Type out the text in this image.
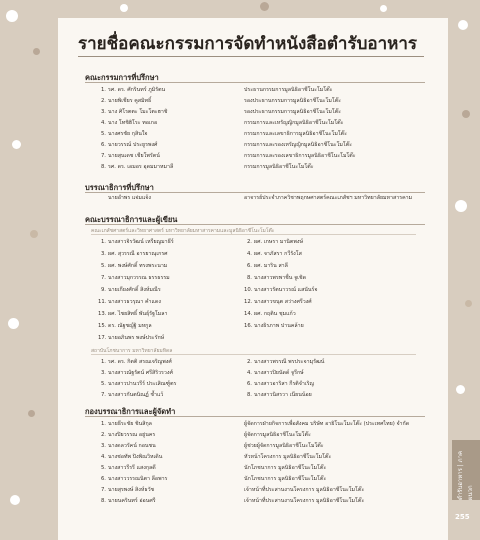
รายชื่อคณะกรรมการจัดทำหนังสือตำรับอาหาร
คณะกรรมการที่ปรึกษา
1. รศ. ดร. ศักรินทร์ ภูมิรัตน	ประธานกรรมการมูลนิธิอาชีโนะโมโต๊ะ
2. นายพิเชียร คูสมิทธิ์	รองประธานกรรมการมูลนิธิอาชีโนะโมโต๊ะ
3. นาง ศิโรตตะ โมะโตะฮาชิ	รองประธานกรรมการมูลนิธิอาชีโนะโมโต๊ะ
4. นาง โทชิฮิโระ ทอเกอ	กรรมการและเหรัญญิกมูลนิธิอาชีโนะโมโต๊ะ
5. นางศรชัย กุสินใจ	กรรมการและเลขาธิการมูลนิธิอาชีโนะโมโต๊ะ
6. นายวรรณ์ ประยูรพงศ์	กรรมการและรองเหรัญญิกมูลนิธิอาชีโนะโมโต๊ะ
7. นายสุนเดช เชียโพรัตน์	กรรมการและรองเลขาธิการมูลนิธิอาชีโนะโมโต๊ะ
8. รศ. ดร. เอมอร อุดมมาหมาลี	กรรมการมูลนิธิอาชีโนะโมโต๊ะ
บรรณาธิการที่ปรึกษา
นายอำพร แจ่มแจ้ง	อาจารย์ประจำภาควิชาพฤกษศาสตร์คณะเภสัชฯ มหาวิทยาลัยมหาสารคาม
คณะบรรณาธิการและผู้เขียน
คณะเภสัชศาสตร์และวิทยาศาสตร์ มหาวิทยาลัยมหาสารคามและมูลนิธิอาชีโนะโมโต๊ะ
1. นางสาวจิรวัฒน์ เหรียญมาธีร์	2. ผศ. เกษรา มานิตพงษ์
3. ผศ. สุวรรณี อารยาณุเกรศ	4. ผศ. จาภัสรา กวีรังโส
5. ผศ. พงษ์ศักดิ์ ทรงพระนาม	6. ผศ. มาริน สาลี
7. นางสาวมุกวรรณ ธรรธรรม	8. นางสาวพรพาชื่น จูเชิด
9. นายเกียงศักดิ์ สิงห์มณีร	10. นางสาวรัตนาวรณ์ แสนันร์จ
11. นางสาวธวรุณา คำแดง	12. นางสาวขนุต สว่างศรีวงศ์
13. ผศ. ไชยสิทธิ์ พันธุ์รัฐโมลา	14. ผศ. กฤติน ชุมแก้ว
15. ดร. ณัฐชญ์ฐิ มหกูล	16. นางธิรภาพ ปานคล้าย
17. นายอภินพร พงษ์ประรักษ์
สถาบันโภชนาการ มหาวิทยาลัยมหิดล
1. รศ. ดร. กิตติ สรณเจริญพงศ์	2. นางสาวพรรณี พรประจามุรัฒน์
3. นางสาวณัฐรัตน์ ศรีสิริวรวงศ์	4. นางสาวปิยนัดด์ จูรีกษ์
5. นางสาวปานวรีร์ ประเสิณฑู้ตร	6. นางสาวอาริสา กีรติจำเริญ
7. นางสาวกันตนิณฏ์ ช้ำแว้	8. นางสาวนิสรวา เนียนน้อย
กองบรรณาธิการและผู้จัดทำ
1. นายธีระชัย ชินสิกุล	ผู้จัดการฝ่ายกิจการเพื่อสังคม บริษัท อายิโนะโมะโต๊ะ (ประเทศไทย) จำกัด
2. นางปิยวรรณ อยู่นคร	ผู้จัดการมูลนิธิอาชีโนะโมโต๊ะ
3. นางดลวรัคน์ กอนชน	ผู้ช่วยผู้จัดการมูลนิธิอาชีโนะโมโต๊ะ
4. นางช่อทัพ ปิงพิณวิหเดิน	หัวหน้าโครงการ มูลนิธิอาชีโนะโมโต๊ะ
5. นางสาวรีรรี แสงกุลดี	นักโภชนาการ มูลนิธิอาชีโนะโมโต๊ะ
6. นางสาววรรณนิตา ลีอพาร	นักโภชนาการ มูลนิธิอาชีโนะโมโต๊ะ
7. นายสุรพงษ์ สิงห์ธวัช	เจ้าหน้าที่ประสานงานโครงการ มูลนิธิอาชีโนะโมโต๊ะ
8. นายนครินทร์ อ่อนศรี	เจ้าหน้าที่ประสานงานโครงการ มูลนิธิอาชีโนะโมโต๊ะ
ตำรับอาหาร | ภาคผนวก
255
